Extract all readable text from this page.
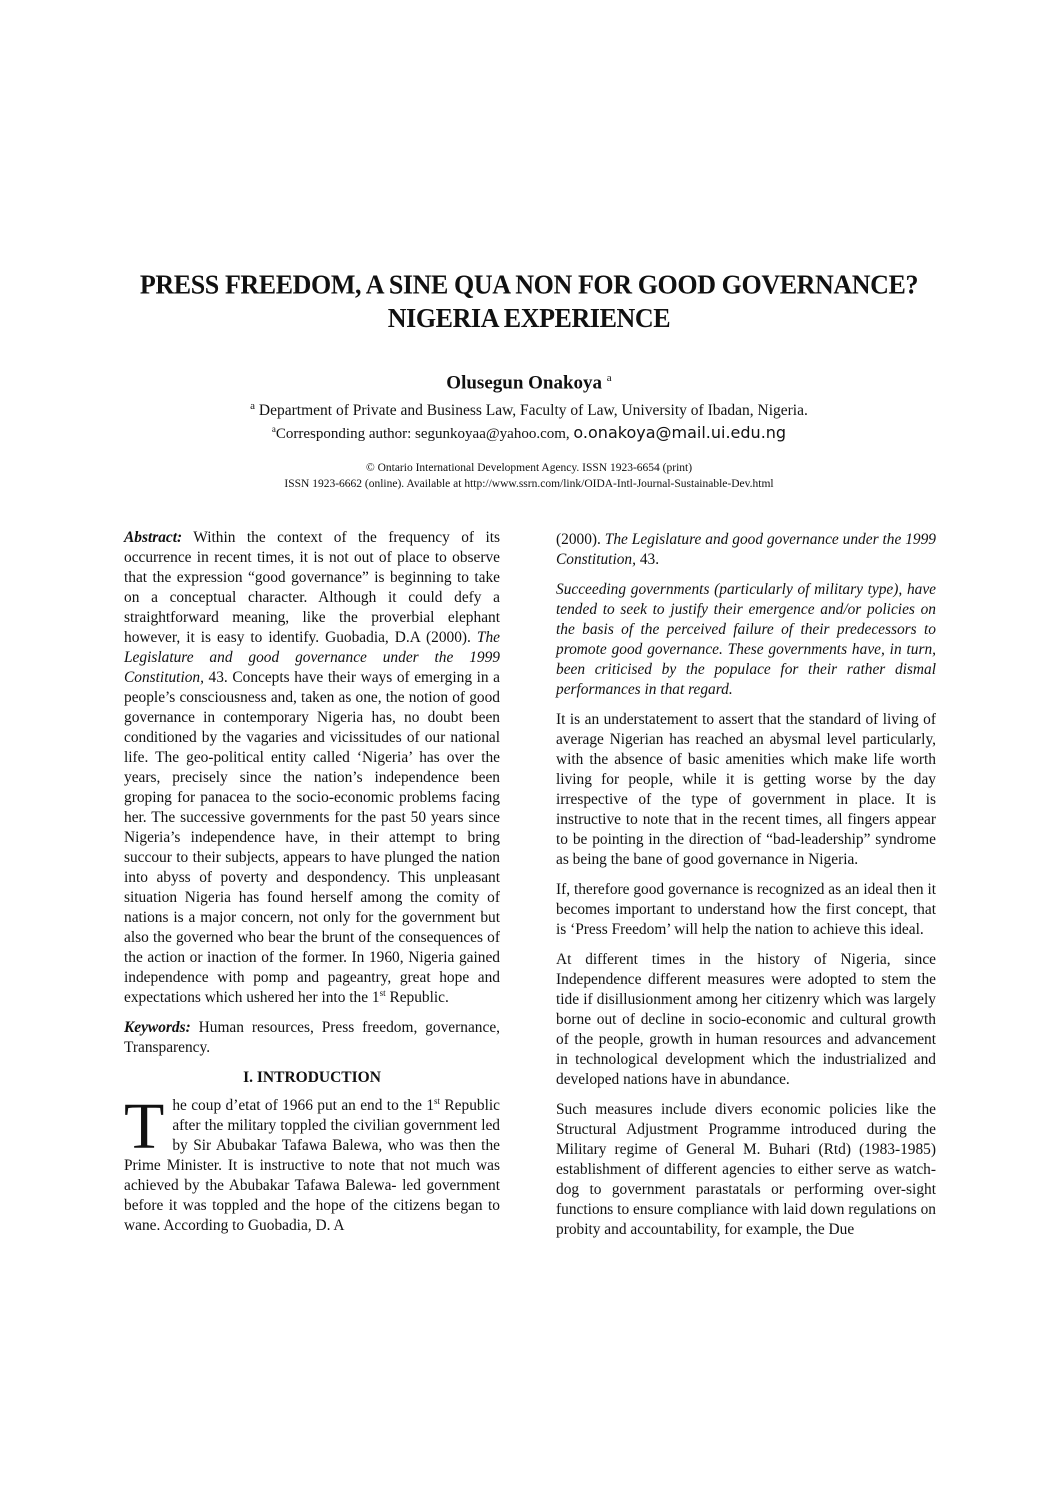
PRESS FREEDOM, A SINE QUA NON FOR GOOD GOVERNANCE?
NIGERIA EXPERIENCE
Olusegun Onakoya $^a$
$^a$ Department of Private and Business Law, Faculty of Law, University of Ibadan, Nigeria.
$^a$Corresponding author: segunkoyaa@yahoo.com, o.onakoya@mail.ui.edu.ng
© Ontario International Development Agency. ISSN 1923-6654 (print)
ISSN 1923-6662 (online). Available at http://www.ssrn.com/link/OIDA-Intl-Journal-Sustainable-Dev.html

Abstract: Within the context of the frequency of its occurrence in recent times, it is not out of place to observe that the expression “good governance” is beginning to take on a conceptual character. Although it could defy a straightforward meaning, like the proverbial elephant however, it is easy to identify. Guobadia, D.A (2000). The Legislature and good governance under the 1999 Constitution, 43. Concepts have their ways of emerging in a people’s consciousness and, taken as one, the notion of good governance in contemporary Nigeria has, no doubt been conditioned by the vagaries and vicissitudes of our national life. The geo-political entity called ‘Nigeria’ has over the years, precisely since the nation’s independence been groping for panacea to the socio-economic problems facing her. The successive governments for the past 50 years since Nigeria’s independence have, in their attempt to bring succour to their subjects, appears to have plunged the nation into abyss of poverty and despondency. This unpleasant situation Nigeria has found herself among the comity of nations is a major concern, not only for the government but also the governed who bear the brunt of the consequences of the action or inaction of the former. In 1960, Nigeria gained independence with pomp and pageantry, great hope and expectations which ushered her into the 1st Republic.

Keywords: Human resources, Press freedom, governance, Transparency.

I. INTRODUCTION

The coup d’etat of 1966 put an end to the 1st Republic after the military toppled the civilian government led by Sir Abubakar Tafawa Balewa, who was then the Prime Minister. It is instructive to note that not much was achieved by the Abubakar Tafawa Balewa- led government before it was toppled and the hope of the citizens began to wane. According to Guobadia, D. A

(2000). The Legislature and good governance under the 1999 Constitution, 43.

Succeeding governments (particularly of military type), have tended to seek to justify their emergence and/or policies on the basis of the perceived failure of their predecessors to promote good governance. These governments have, in turn, been criticised by the populace for their rather dismal performances in that regard.

It is an understatement to assert that the standard of living of average Nigerian has reached an abysmal level particularly, with the absence of basic amenities which make life worth living for people, while it is getting worse by the day irrespective of the type of government in place. It is instructive to note that in the recent times, all fingers appear to be pointing in the direction of “bad-leadership” syndrome as being the bane of good governance in Nigeria.

If, therefore good governance is recognized as an ideal then it becomes important to understand how the first concept, that is ‘Press Freedom’ will help the nation to achieve this ideal.

At different times in the history of Nigeria, since Independence different measures were adopted to stem the tide if disillusionment among her citizenry which was largely borne out of decline in socio-economic and cultural growth of the people, growth in human resources and advancement in technological development which the industrialized and developed nations have in abundance.

Such measures include divers economic policies like the Structural Adjustment Programme introduced during the Military regime of General M. Buhari (Rtd) (1983-1985) establishment of different agencies to either serve as watch-dog to government parastatals or performing over-sight functions to ensure compliance with laid down regulations on probity and accountability, for example, the Due
